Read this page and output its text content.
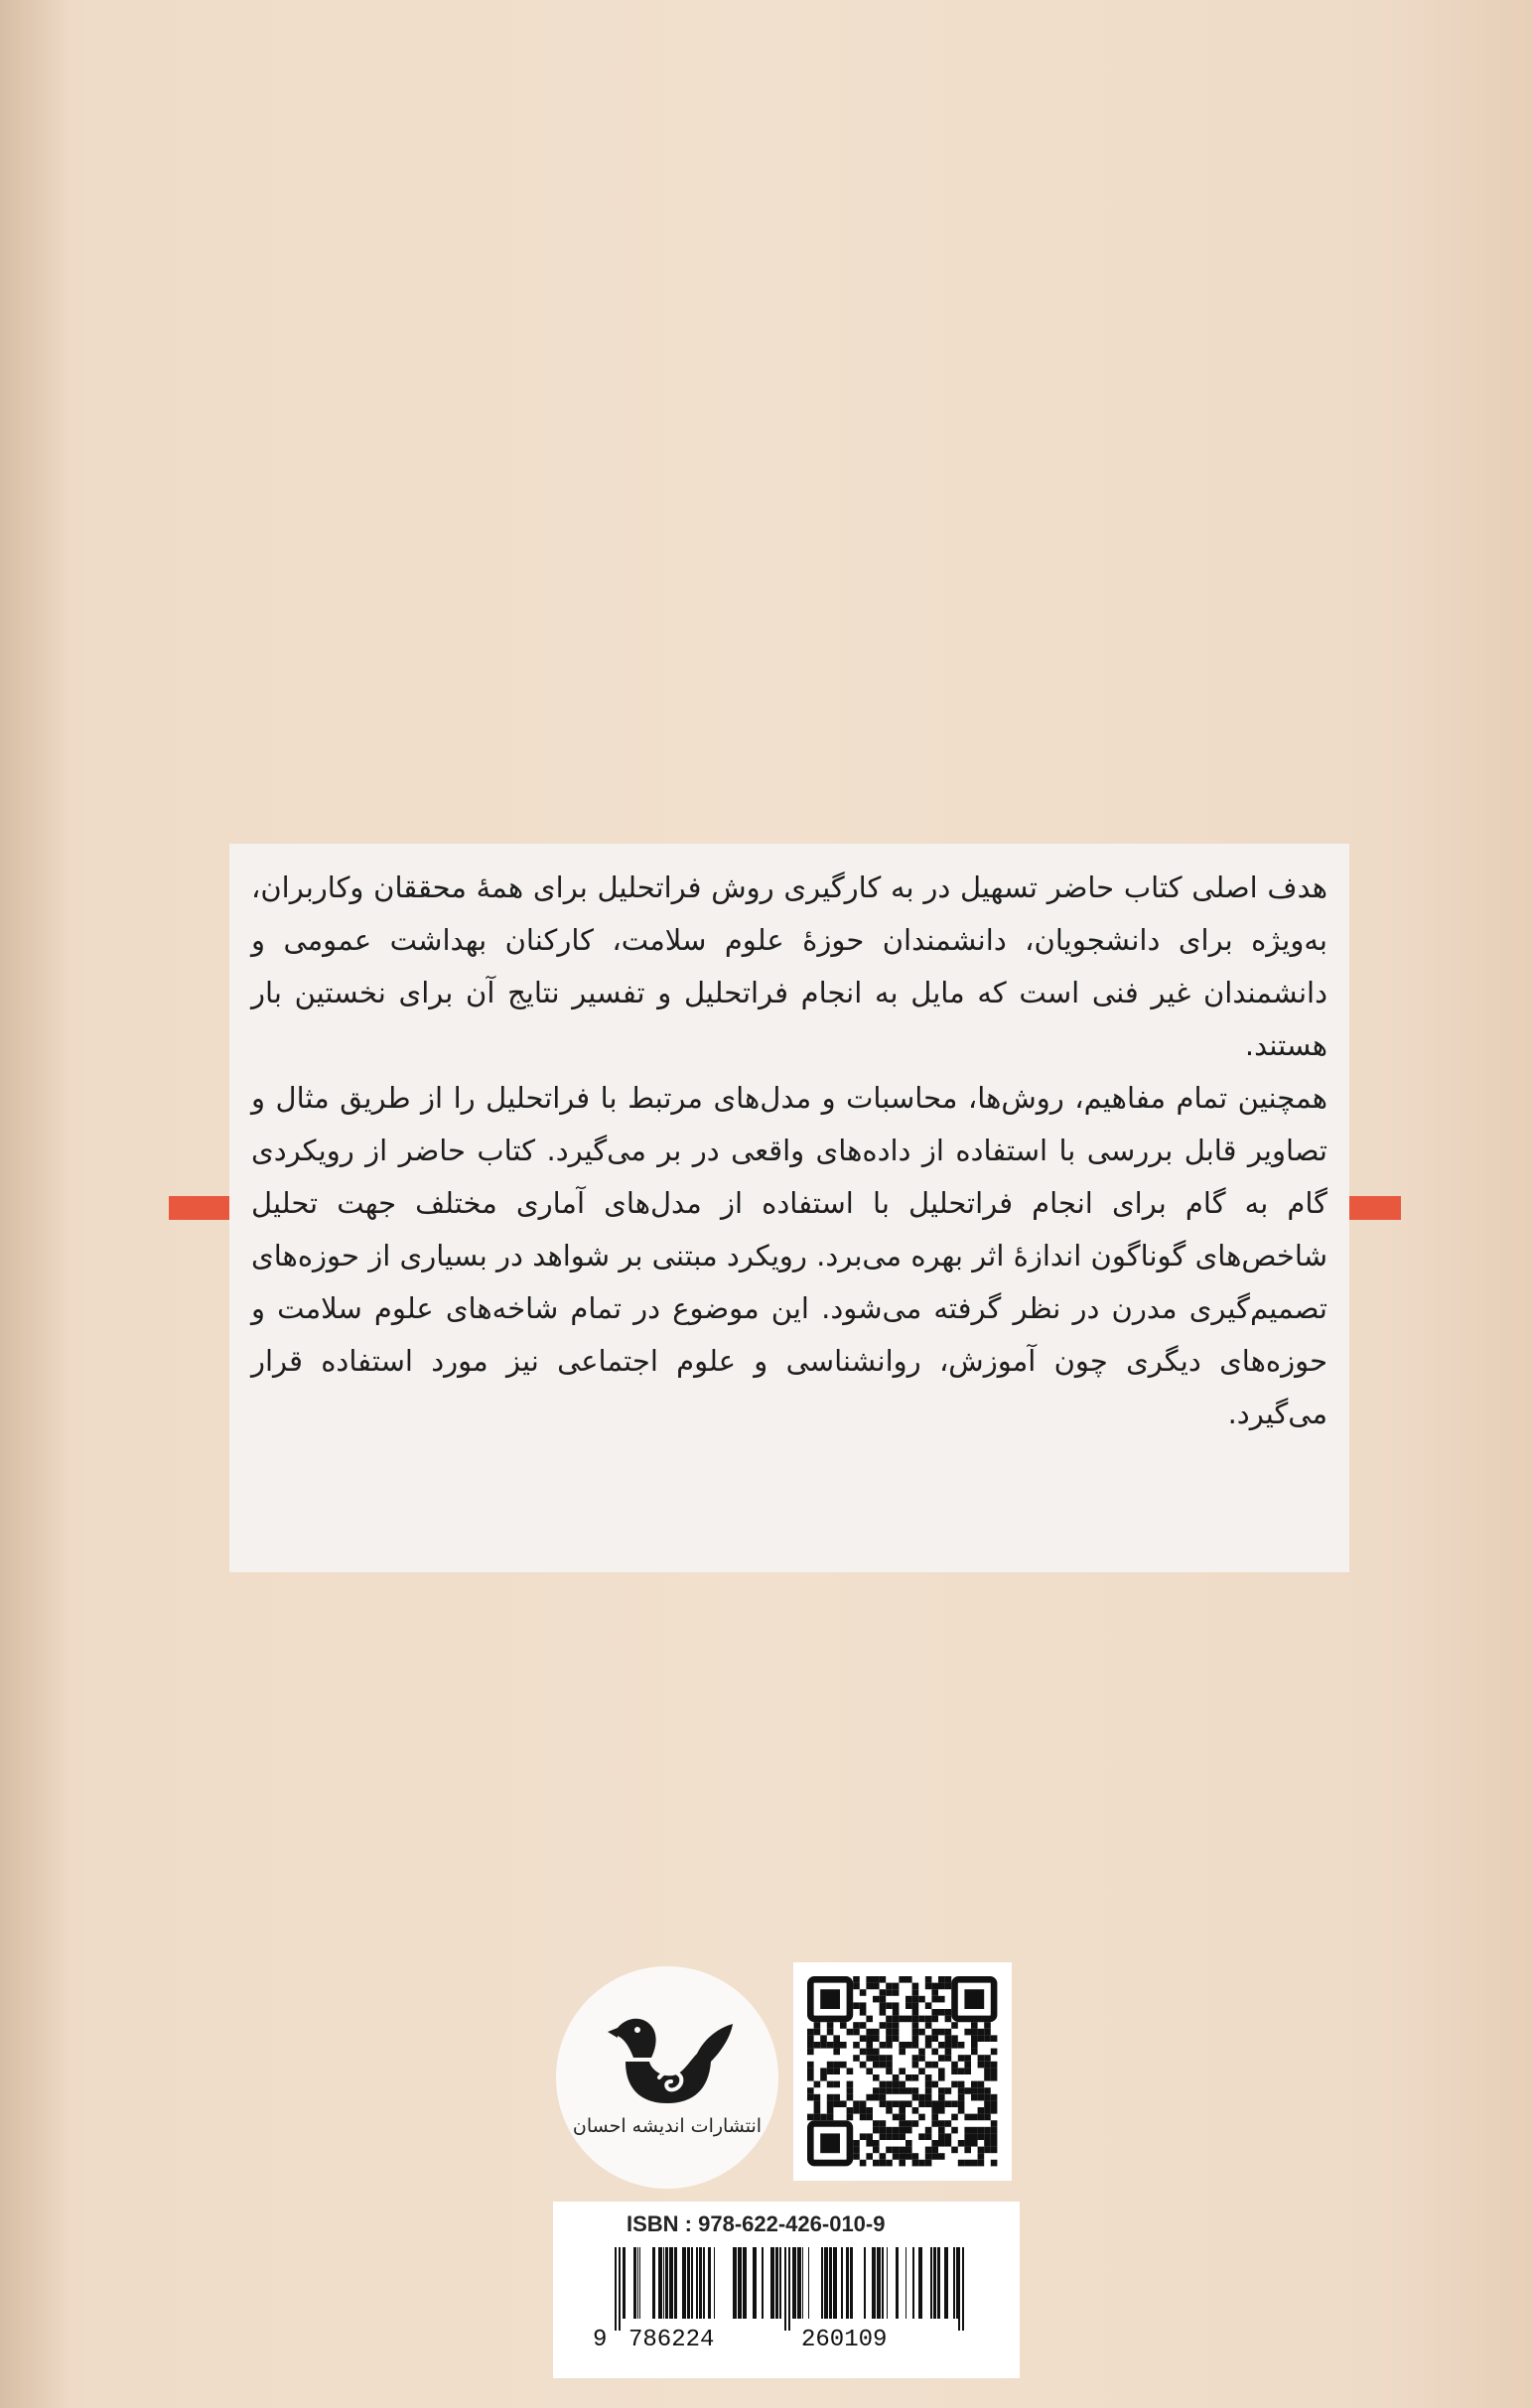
هدف اصلی کتاب حاضر تسهیل در به کارگیری روش فراتحلیل برای همهٔ محققان وکاربران، به‌ویژه برای دانشجویان، دانشمندان حوزهٔ علوم سلامت، کارکنان بهداشت عمومی و دانشمندان غیر فنی است که مایل به انجام فراتحلیل و تفسیر نتایج آن برای نخستین بار هستند.

همچنین تمام مفاهیم، روش‌ها، محاسبات و مدل‌های مرتبط با فراتحلیل را از طریق مثال و تصاویر قابل بررسی با استفاده از داده‌های واقعی در بر می‌گیرد. کتاب حاضر از رویکردی گام به گام برای انجام فراتحلیل با استفاده از مدل‌های آماری مختلف جهت تحلیل شاخص‌های گوناگون اندازهٔ اثر بهره می‌برد. رویکرد مبتنی بر شواهد در بسیاری از حوزه‌های تصمیم‌گیری مدرن در نظر گرفته می‌شود. این موضوع در تمام شاخه‌های علوم سلامت و حوزه‌های دیگری چون آموزش، روانشناسی و علوم اجتماعی نیز مورد استفاده قرار می‌گیرد.

انتشارات اندیشه احسان
ISBN : 978-622-426-010-9
9 786224	260109
